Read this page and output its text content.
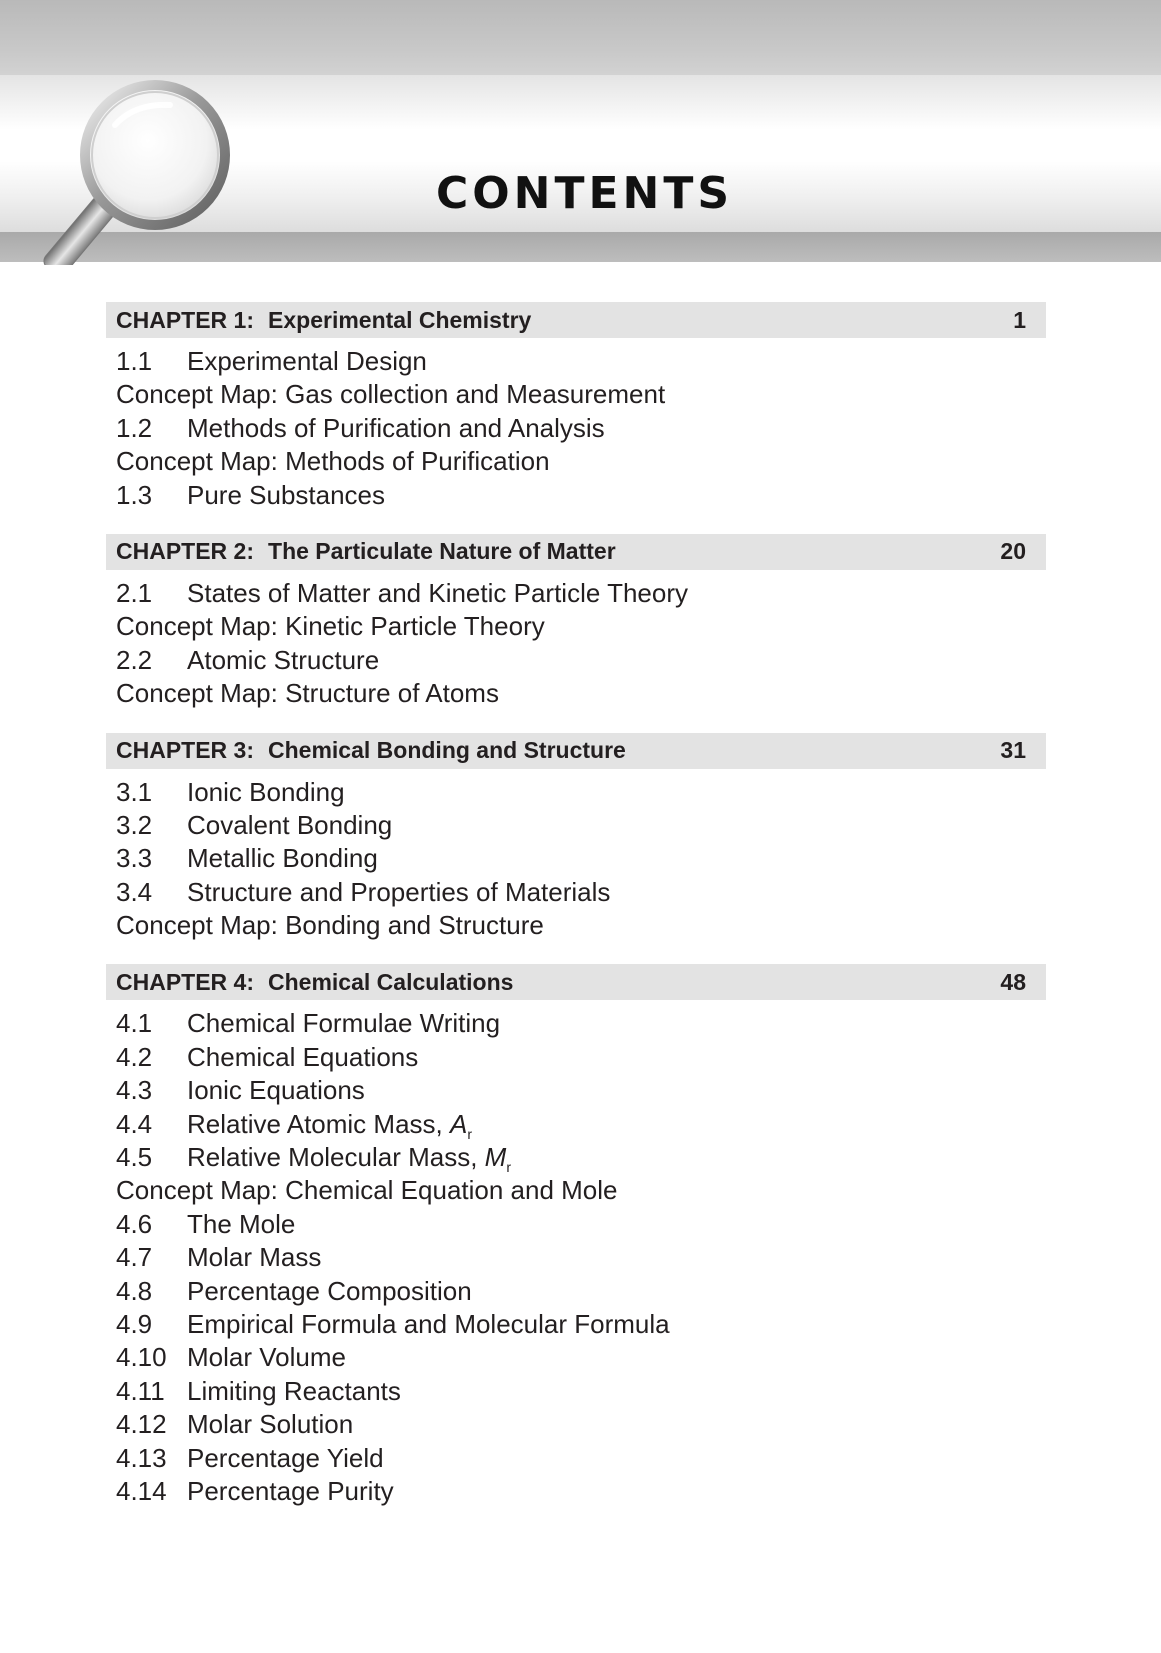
CONTENTS
CHAPTER 1: Experimental Chemistry	1
1.1 Experimental Design
Concept Map: Gas collection and Measurement
1.2 Methods of Purification and Analysis
Concept Map: Methods of Purification
1.3 Pure Substances
CHAPTER 2: The Particulate Nature of Matter	20
2.1 States of Matter and Kinetic Particle Theory
Concept Map: Kinetic Particle Theory
2.2 Atomic Structure
Concept Map: Structure of Atoms
CHAPTER 3: Chemical Bonding and Structure	31
3.1 Ionic Bonding
3.2 Covalent Bonding
3.3 Metallic Bonding
3.4 Structure and Properties of Materials
Concept Map: Bonding and Structure
CHAPTER 4: Chemical Calculations	48
4.1 Chemical Formulae Writing
4.2 Chemical Equations
4.3 Ionic Equations
4.4 Relative Atomic Mass, $A_r$
4.5 Relative Molecular Mass, $M_r$
Concept Map: Chemical Equation and Mole
4.6 The Mole
4.7 Molar Mass
4.8 Percentage Composition
4.9 Empirical Formula and Molecular Formula
4.10 Molar Volume
4.11 Limiting Reactants
4.12 Molar Solution
4.13 Percentage Yield
4.14 Percentage Purity
